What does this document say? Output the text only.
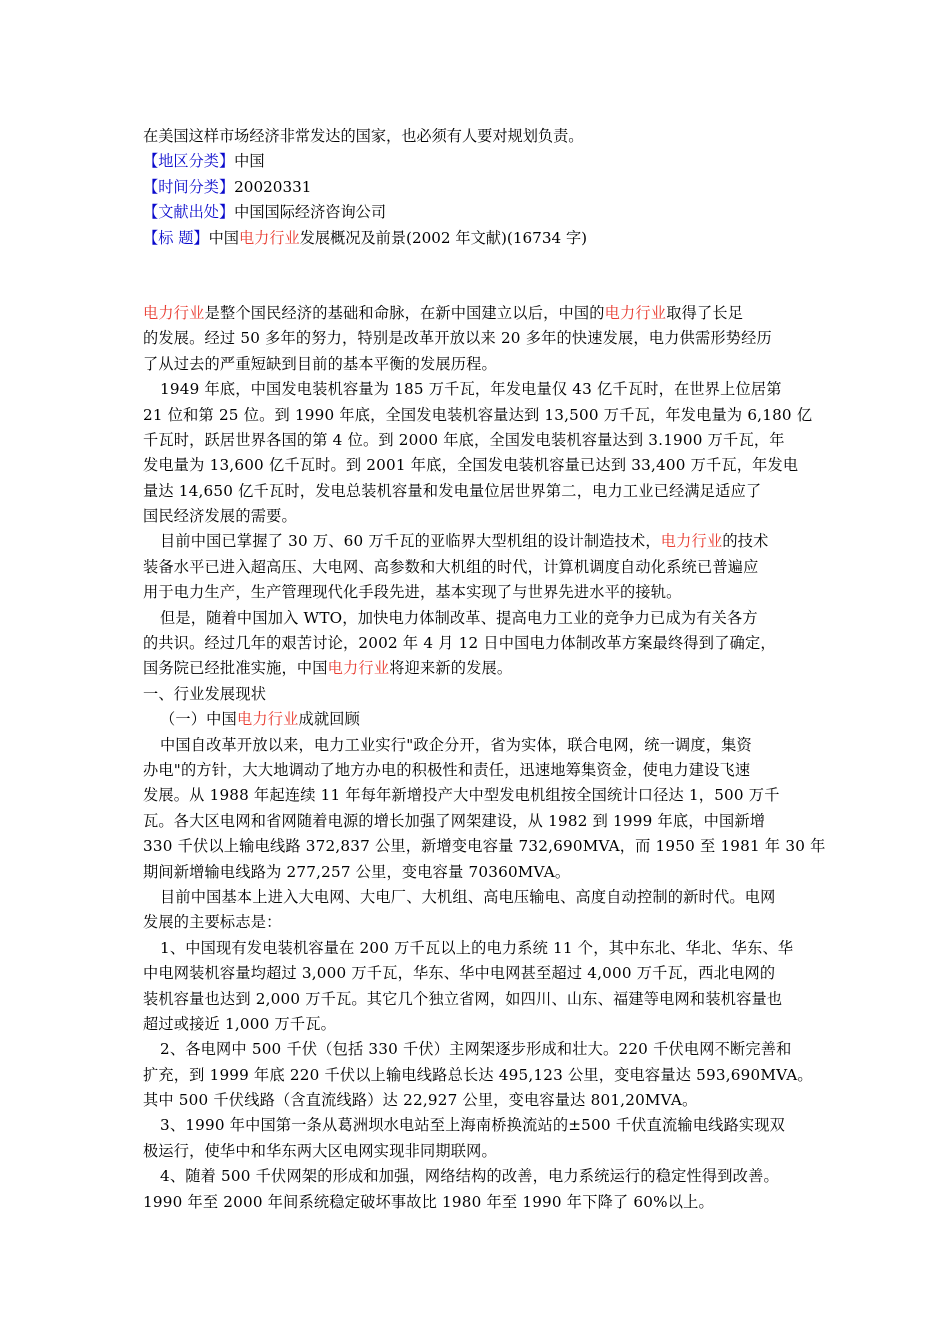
在美国这样市场经济非常发达的国家，也必须有人要对规划负责。
【地区分类】中国
【时间分类】20020331
【文献出处】中国国际经济咨询公司
【标 题】中国电力行业发展概况及前景(2002 年文献)(16734 字)
电力行业是整个国民经济的基础和命脉，在新中国建立以后，中国的电力行业取得了长足
的发展。经过 50 多年的努力，特别是改革开放以来 20 多年的快速发展，电力供需形势经历
了从过去的严重短缺到目前的基本平衡的发展历程。
1949 年底，中国发电装机容量为 185 万千瓦，年发电量仅 43 亿千瓦时，在世界上位居第
21 位和第 25 位。到 1990 年底，全国发电装机容量达到 13,500 万千瓦，年发电量为 6,180 亿
千瓦时，跃居世界各国的第 4 位。到 2000 年底，全国发电装机容量达到 3.1900 万千瓦，年
发电量为 13,600 亿千瓦时。到 2001 年底，全国发电装机容量已达到 33,400 万千瓦，年发电
量达 14,650 亿千瓦时，发电总装机容量和发电量位居世界第二，电力工业已经满足适应了
国民经济发展的需要。
目前中国已掌握了 30 万、60 万千瓦的亚临界大型机组的设计制造技术，电力行业的技术
装备水平已进入超高压、大电网、高参数和大机组的时代，计算机调度自动化系统已普遍应
用于电力生产，生产管理现代化手段先进，基本实现了与世界先进水平的接轨。
但是，随着中国加入 WTO，加快电力体制改革、提高电力工业的竞争力已成为有关各方
的共识。经过几年的艰苦讨论，2002 年 4 月 12 日中国电力体制改革方案最终得到了确定，
国务院已经批准实施，中国电力行业将迎来新的发展。
一、行业发展现状
（一）中国电力行业成就回顾
中国自改革开放以来，电力工业实行"政企分开，省为实体，联合电网，统一调度，集资
办电"的方针，大大地调动了地方办电的积极性和责任，迅速地筹集资金，使电力建设飞速
发展。从 1988 年起连续 11 年每年新增投产大中型发电机组按全国统计口径达 1，500 万千
瓦。各大区电网和省网随着电源的增长加强了网架建设，从 1982 到 1999 年底，中国新增
330 千伏以上输电线路 372,837 公里，新增变电容量 732,690MVA，而 1950 至 1981 年 30 年
期间新增输电线路为 277,257 公里，变电容量 70360MVA。
目前中国基本上进入大电网、大电厂、大机组、高电压输电、高度自动控制的新时代。电网
发展的主要标志是：
1、中国现有发电装机容量在 200 万千瓦以上的电力系统 11 个，其中东北、华北、华东、华
中电网装机容量均超过 3,000 万千瓦，华东、华中电网甚至超过 4,000 万千瓦，西北电网的
装机容量也达到 2,000 万千瓦。其它几个独立省网，如四川、山东、福建等电网和装机容量也
超过或接近 1,000 万千瓦。
2、各电网中 500 千伏（包括 330 千伏）主网架逐步形成和壮大。220 千伏电网不断完善和
扩充，到 1999 年底 220 千伏以上输电线路总长达 495,123 公里，变电容量达 593,690MVA。
其中 500 千伏线路（含直流线路）达 22,927 公里，变电容量达 801,20MVA。
3、1990 年中国第一条从葛洲坝水电站至上海南桥换流站的±500 千伏直流输电线路实现双
极运行，使华中和华东两大区电网实现非同期联网。
4、随着 500 千伏网架的形成和加强，网络结构的改善，电力系统运行的稳定性得到改善。
1990 年至 2000 年间系统稳定破坏事故比 1980 年至 1990 年下降了 60%以上。
